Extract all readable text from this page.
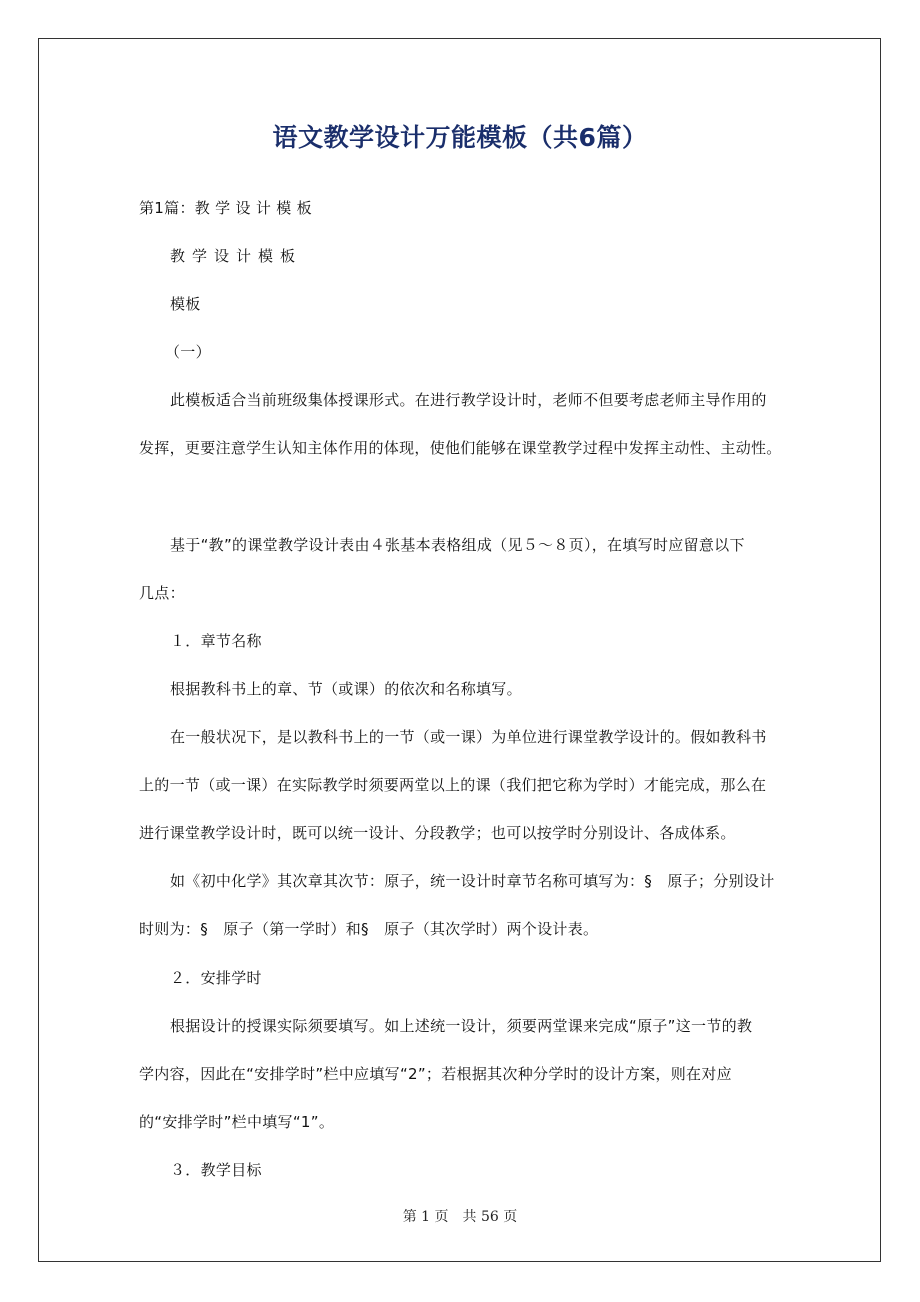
语文教学设计万能模板（共6篇）
第1篇：教 学 设 计 模 板
教学设计模板
模板
（一）
此模板适合当前班级集体授课形式。在进行教学设计时，老师不但要考虑老师主导作用的
发挥，更要注意学生认知主体作用的体现，使他们能够在课堂教学过程中发挥主动性、主动性。
基于“教”的课堂教学设计表由４张基本表格组成（见５～８页），在填写时应留意以下
几点：
１．章节名称
根据教科书上的章、节（或课）的依次和名称填写。
在一般状况下，是以教科书上的一节（或一课）为单位进行课堂教学设计的。假如教科书
上的一节（或一课）在实际教学时须要两堂以上的课（我们把它称为学时）才能完成，那么在
进行课堂教学设计时，既可以统一设计、分段教学；也可以按学时分别设计、各成体系。
如《初中化学》其次章其次节：原子，统一设计时章节名称可填写为：§　原子；分别设计
时则为：§　原子（第一学时）和§　原子（其次学时）两个设计表。
２．安排学时
根据设计的授课实际须要填写。如上述统一设计，须要两堂课来完成“原子”这一节的教
学内容，因此在“安排学时”栏中应填写“2”；若根据其次种分学时的设计方案，则在对应
的“安排学时”栏中填写“1”。
３．教学目标
第 1 页　共 56 页
